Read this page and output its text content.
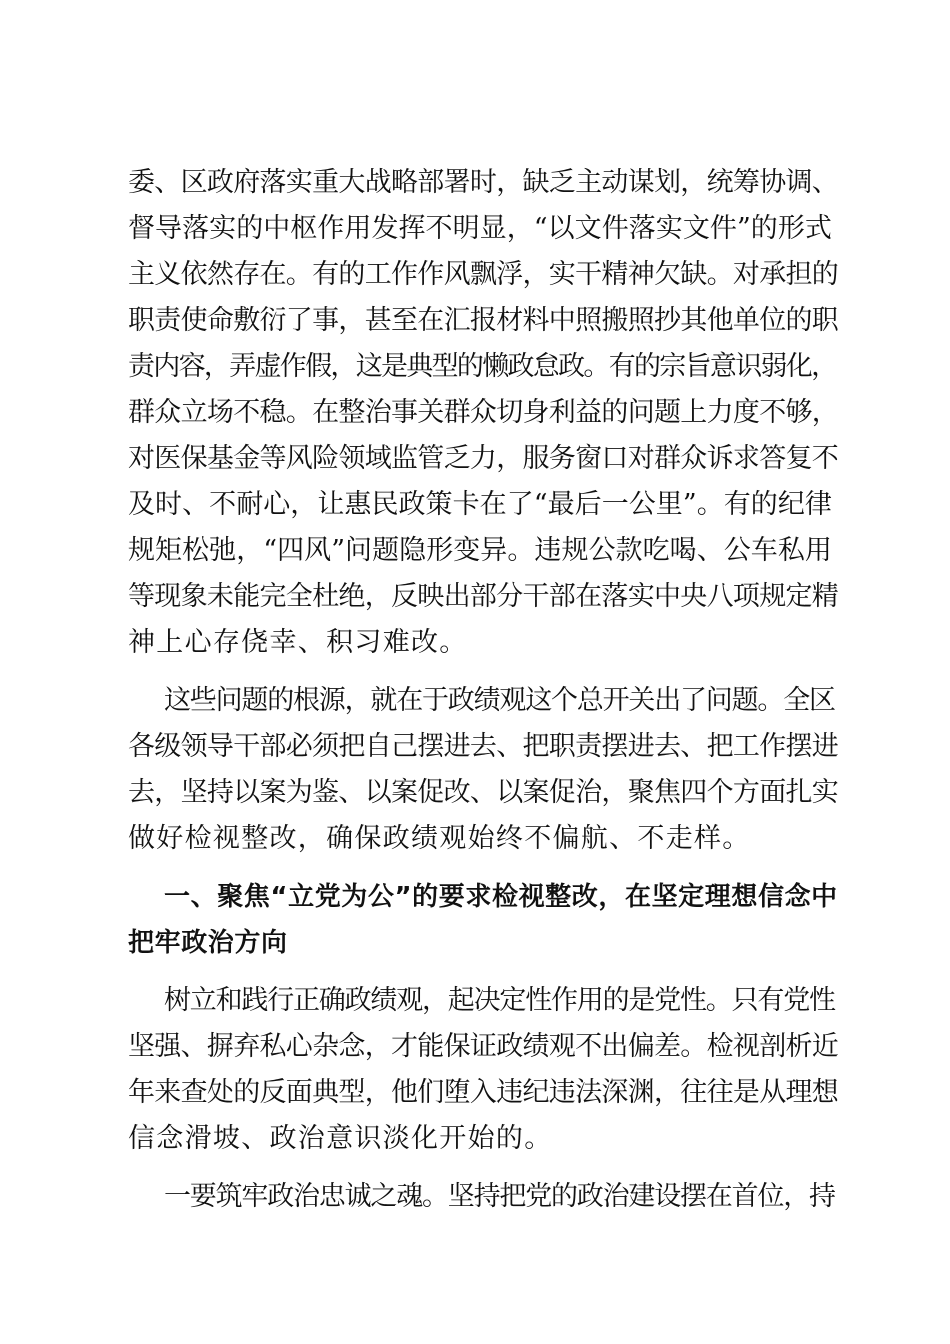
委、区政府落实重大战略部署时，缺乏主动谋划，统筹协调、
督导落实的中枢作用发挥不明显，“以文件落实文件”的形式
主义依然存在。有的工作作风飘浮，实干精神欠缺。对承担的
职责使命敷衍了事，甚至在汇报材料中照搬照抄其他单位的职
责内容，弄虚作假，这是典型的懒政怠政。有的宗旨意识弱化，
群众立场不稳。在整治事关群众切身利益的问题上力度不够，
对医保基金等风险领域监管乏力，服务窗口对群众诉求答复不
及时、不耐心，让惠民政策卡在了“最后一公里”。有的纪律
规矩松弛，“四风”问题隐形变异。违规公款吃喝、公车私用
等现象未能完全杜绝，反映出部分干部在落实中央八项规定精
神上心存侥幸、积习难改。
这些问题的根源，就在于政绩观这个总开关出了问题。全区
各级领导干部必须把自己摆进去、把职责摆进去、把工作摆进
去，坚持以案为鉴、以案促改、以案促治，聚焦四个方面扎实
做好检视整改，确保政绩观始终不偏航、不走样。
一、聚焦“立党为公”的要求检视整改，在坚定理想信念中
把牢政治方向
树立和践行正确政绩观，起决定性作用的是党性。只有党性
坚强、摒弃私心杂念，才能保证政绩观不出偏差。检视剖析近
年来查处的反面典型，他们堕入违纪违法深渊，往往是从理想
信念滑坡、政治意识淡化开始的。
一要筑牢政治忠诚之魂。坚持把党的政治建设摆在首位，持
